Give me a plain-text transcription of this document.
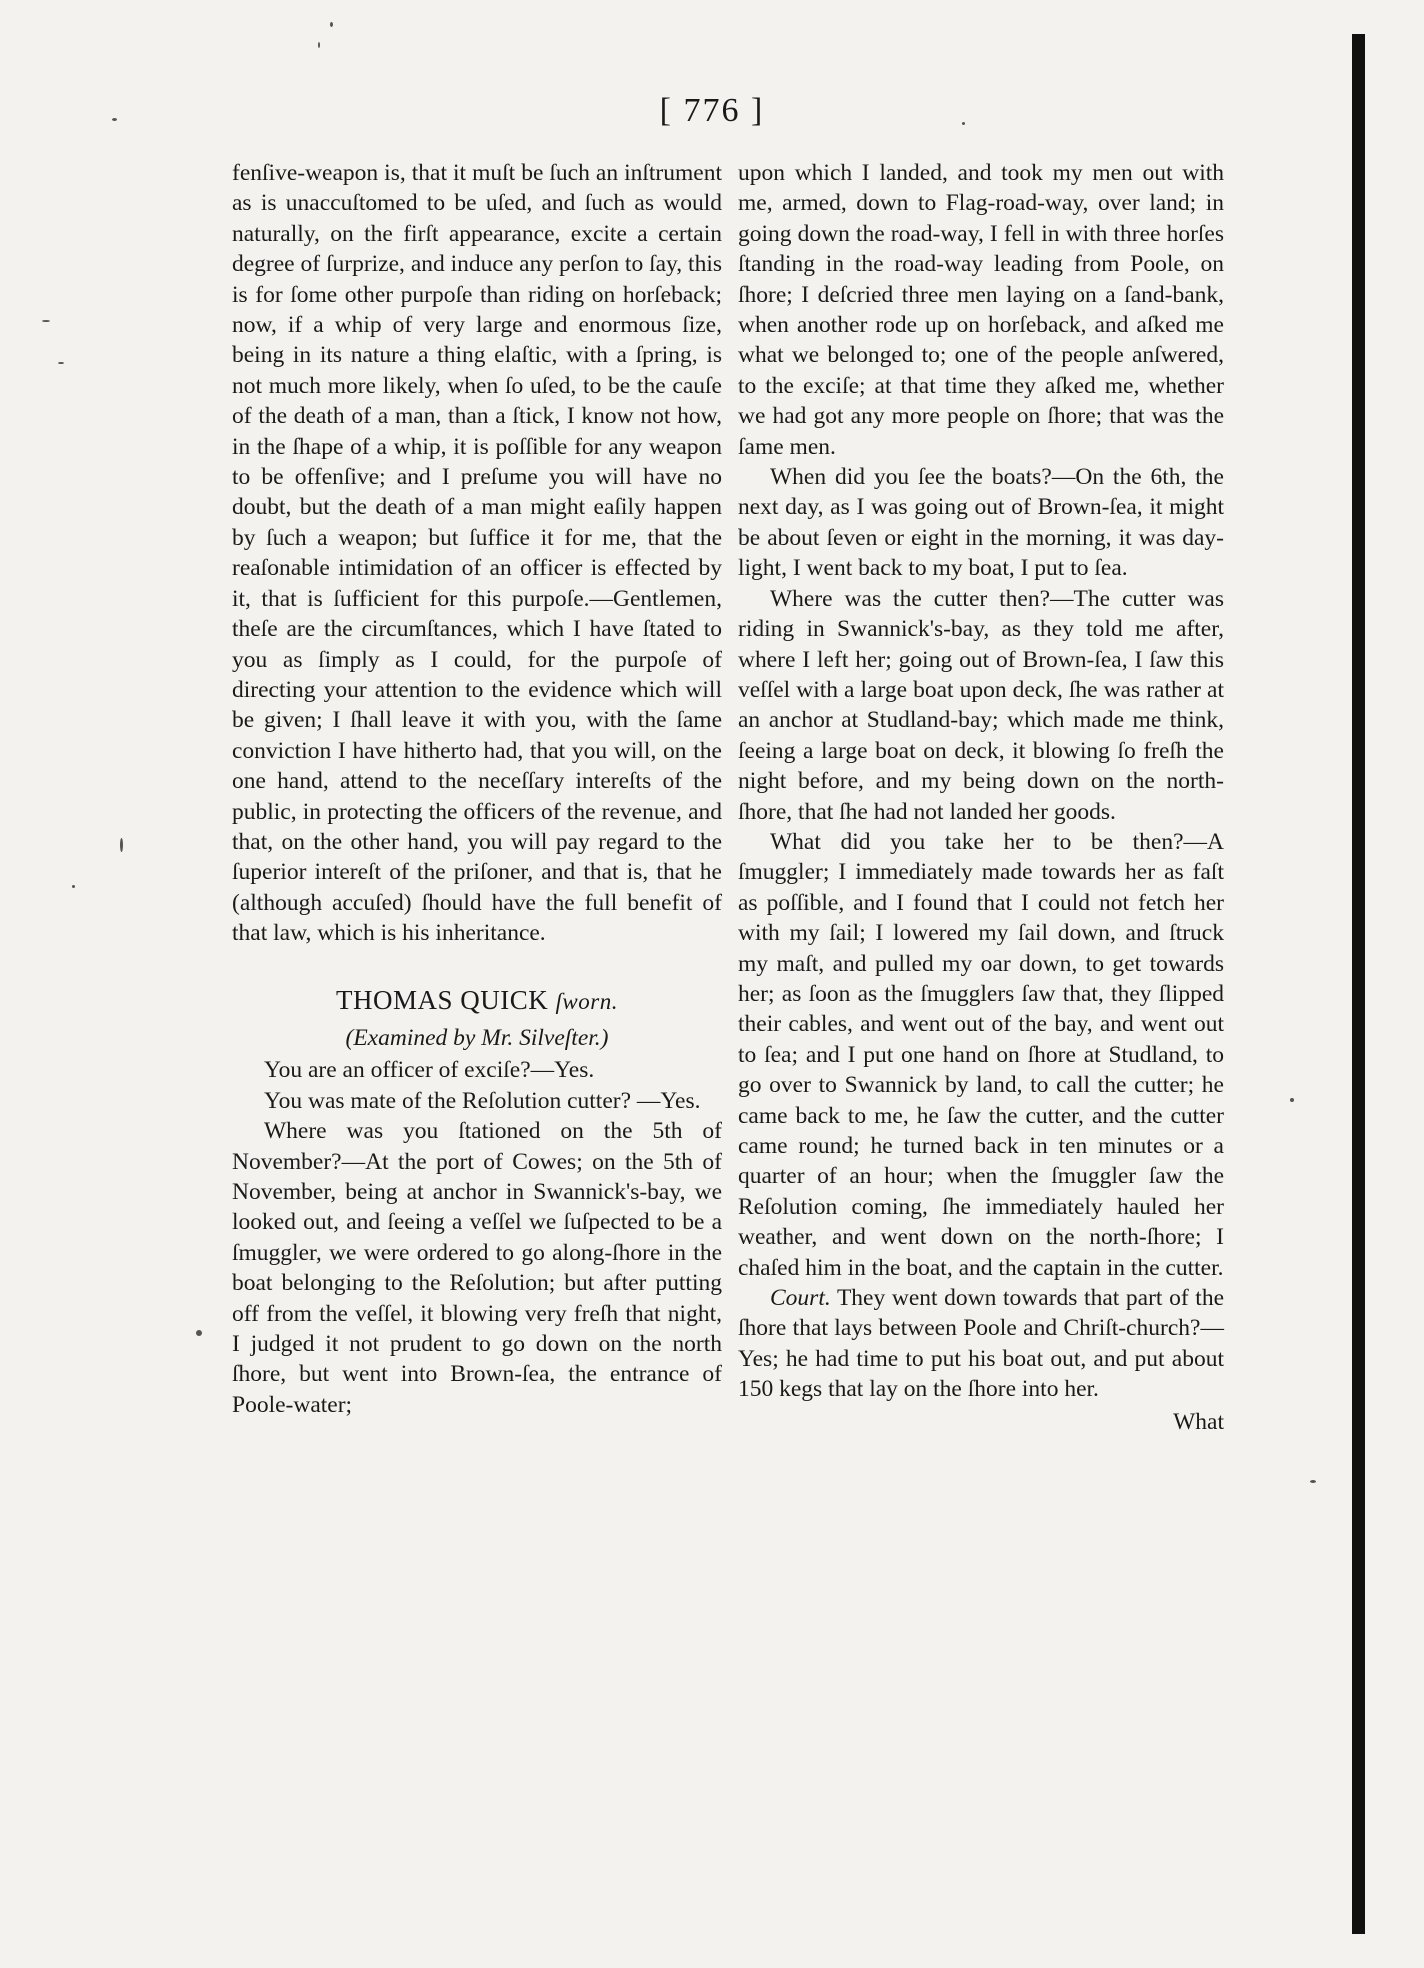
[ 776 ]

fenſive-weapon is, that it muſt be ſuch an inſtrument as is unaccuſtomed to be uſed, and ſuch as would naturally, on the firſt appearance, excite a certain degree of ſurprize, and induce any perſon to ſay, this is for ſome other purpoſe than riding on horſeback; now, if a whip of very large and enormous ſize, being in its nature a thing elaſtic, with a ſpring, is not much more likely, when ſo uſed, to be the cauſe of the death of a man, than a ſtick, I know not how, in the ſhape of a whip, it is poſſible for any weapon to be offenſive; and I preſume you will have no doubt, but the death of a man might eaſily happen by ſuch a weapon; but ſuffice it for me, that the reaſonable intimidation of an officer is effected by it, that is ſufficient for this purpoſe.—Gentlemen, theſe are the circumſtances, which I have ſtated to you as ſimply as I could, for the purpoſe of directing your attention to the evidence which will be given; I ſhall leave it with you, with the ſame conviction I have hitherto had, that you will, on the one hand, attend to the neceſſary intereſts of the public, in protecting the officers of the revenue, and that, on the other hand, you will pay regard to the ſuperior intereſt of the priſoner, and that is, that he (although accuſed) ſhould have the full benefit of that law, which is his inheritance.

THOMAS QUICK ſworn.

(Examined by Mr. Silveſter.)

You are an officer of exciſe?—Yes.

You was mate of the Reſolution cutter? —Yes.

Where was you ſtationed on the 5th of November?—At the port of Cowes; on the 5th of November, being at anchor in Swannick's-bay, we looked out, and ſeeing a veſſel we ſuſpected to be a ſmuggler, we were ordered to go along-ſhore in the boat belonging to the Reſolution; but after putting off from the veſſel, it blowing very freſh that night, I judged it not prudent to go down on the north ſhore, but went into Brown-ſea, the entrance of Poole-water;

upon which I landed, and took my men out with me, armed, down to Flag-road-way, over land; in going down the road-way, I fell in with three horſes ſtanding in the road-way leading from Poole, on ſhore; I deſcried three men laying on a ſand-bank, when another rode up on horſeback, and aſked me what we belonged to; one of the people anſwered, to the exciſe; at that time they aſked me, whether we had got any more people on ſhore; that was the ſame men.

When did you ſee the boats?—On the 6th, the next day, as I was going out of Brown-ſea, it might be about ſeven or eight in the morning, it was day-light, I went back to my boat, I put to ſea.

Where was the cutter then?—The cutter was riding in Swannick's-bay, as they told me after, where I left her; going out of Brown-ſea, I ſaw this veſſel with a large boat upon deck, ſhe was rather at an anchor at Studland-bay; which made me think, ſeeing a large boat on deck, it blowing ſo freſh the night before, and my being down on the north-ſhore, that ſhe had not landed her goods.

What did you take her to be then?—A ſmuggler; I immediately made towards her as faſt as poſſible, and I found that I could not fetch her with my ſail; I lowered my ſail down, and ſtruck my maſt, and pulled my oar down, to get towards her; as ſoon as the ſmugglers ſaw that, they ſlipped their cables, and went out of the bay, and went out to ſea; and I put one hand on ſhore at Studland, to go over to Swannick by land, to call the cutter; he came back to me, he ſaw the cutter, and the cutter came round; he turned back in ten minutes or a quarter of an hour; when the ſmuggler ſaw the Reſolution coming, ſhe immediately hauled her weather, and went down on the north-ſhore; I chaſed him in the boat, and the captain in the cutter.

Court. They went down towards that part of the ſhore that lays between Poole and Chriſt-church?—Yes; he had time to put his boat out, and put about 150 kegs that lay on the ſhore into her.

What
